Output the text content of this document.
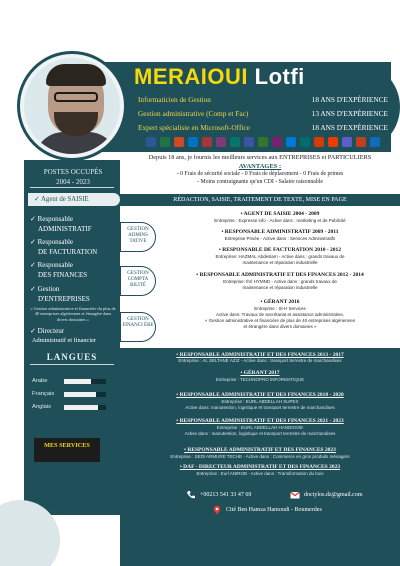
MERAIOUI Lotfi
Informaticien de Gestion	18 ANS D'EXPÉRIENCE
Gestion administrative (Comp et Fac)	13 ANS D'EXPÉRIENCE
Expert spécialiste en Microsoft-Office	18 ANS D'EXPÉRIENCE
Depuis 18 ans, je fournis les meilleurs services aux ENTREPRISES et PARTICULIERS
AVANTAGES :
- 0 Frais de sécurité sociale - 0 Frais de déplacement - 0 Frais de primes
- Moins contraignante qu'un CDI - Salaire raisonnable
POSTES OCCUPÉS
2004 - 2023
✓ Agent de SAISIE
✓ Responsable
ADMINISTRATIF
✓ Responsable
DE FACTURATION
✓ Responsable
DES FINANCES
✓ Gestion
D'ENTREPRISES
« Gestion administrative et financière du plus de 40 entreprises algériennes et étrangère dans divers domaines »
✓ Directeur
Administratif et financier
LANGUES
Arabe
Français
Anglais
MES SERVICES
GESTION ADMINS TATIVE
GESTION COMPTA BILITÉ
GESTION FINANCI ÈRE
RÉDACTION, SAISIE, TRAITEMENT DE TEXTE, MISE EN PAGE
• AGENT DE SAISIE 2004 - 2009
Entreprise : Expresse info - Active dans : marketing et de Publicité
• RESPONSABLE ADMINISTRATIF 2009 - 2011
Entreprise Privée - Active dans : Services Administratifs
• RESPONSABLE DE FACTURATION 2010 - 2012
Entreprise: HAZMAL Abdeslam - Active dans : grands travaux de
maintenance et réparation industrielle
• RESPONSABLE ADMINISTRATIF ET DES FINANCES 2012 - 2014
Entreprise: Ihrl HYMND - Active dans : grands travaux de
maintenance et réparation industrielle
• GÉRANT 2016
Entreprise : Sl-H Services
Active dans: Travaux de secrétariat et assistance administrative,
« Gestion administrative et financière de plus de 40 entreprises algériennes
et étrangère dans divers domaines »
• RESPONSABLE ADMINISTRATIF ET DES FINANCES 2013 - 2017
Entreprise : AL SELTANE AZIZ - Active dans : transport terrestre de marchandises
• GÉRANT 2017
Entreprise : TECHNOPRO INFORMATIQUE
• RESPONSABLE ADMINISTRATIF ET DES FINANCES 2018 - 2020
Entreprise : EURL ABDELLAH SUPEX
Active dans: manutention, logistique et transport terrestre de marchandises
• RESPONSABLE ADMINISTRATIF ET DES FINANCES 2021 - 2023
Entreprise : EURL ABDELLAH HANDIOVIE
Active dans : manutention, logistique et transport terrestre de marchandises
• RESPONSABLE ADMINISTRATIF ET DES FINANCES 2023
Entreprise : SEDI ARMURE TECHE - Active dans : Commerce en gros produits ménagers
• DAF - DIRECTEUR ADMINISTRATIF ET DES FINANCES 2023
Entreprise : Eurl ANIROB - Active dans : Transformation du bois
+00213 541 33 47 69	doctylos.dz@gmail.com
Cité Ben Hamza Hamoudi - Boumerdes
